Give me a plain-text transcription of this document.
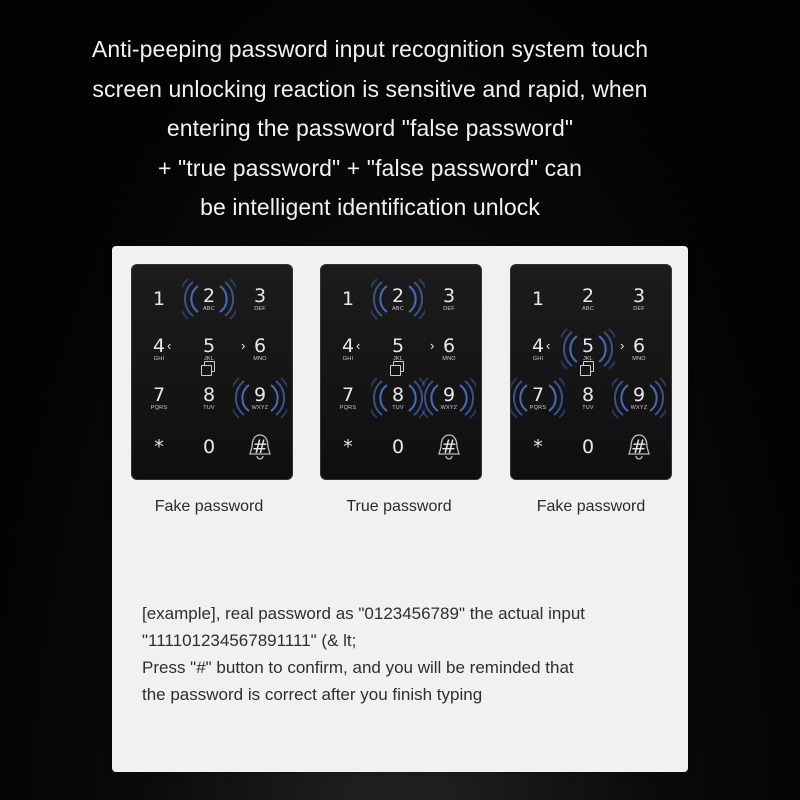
Anti-peeping password input recognition system touch
screen unlocking reaction is sensitive and rapid, when
entering the password "false password"
+ "true password" + "false password" can
be intelligent identification unlock
1 2
ABC
3
DEF
4
GHI
‹ 5
JKL
6
MNO
›
7
PQRS
8
TUV
9
WXYZ
* 0 #
1 2
ABC
3
DEF
4
GHI
‹ 5
JKL
6
MNO
›
7
PQRS
8
TUV
9
WXYZ
* 0 #
1 2
ABC
3
DEF
4
GHI
‹ 5
JKL
6
MNO
›
7
PQRS
8
TUV
9
WXYZ
* 0 #
Fake password	True password	Fake password
[example], real password as "0123456789" the actual input
"111101234567891111" (& lt;
Press "#" button to confirm, and you will be reminded that
the password is correct after you finish typing
